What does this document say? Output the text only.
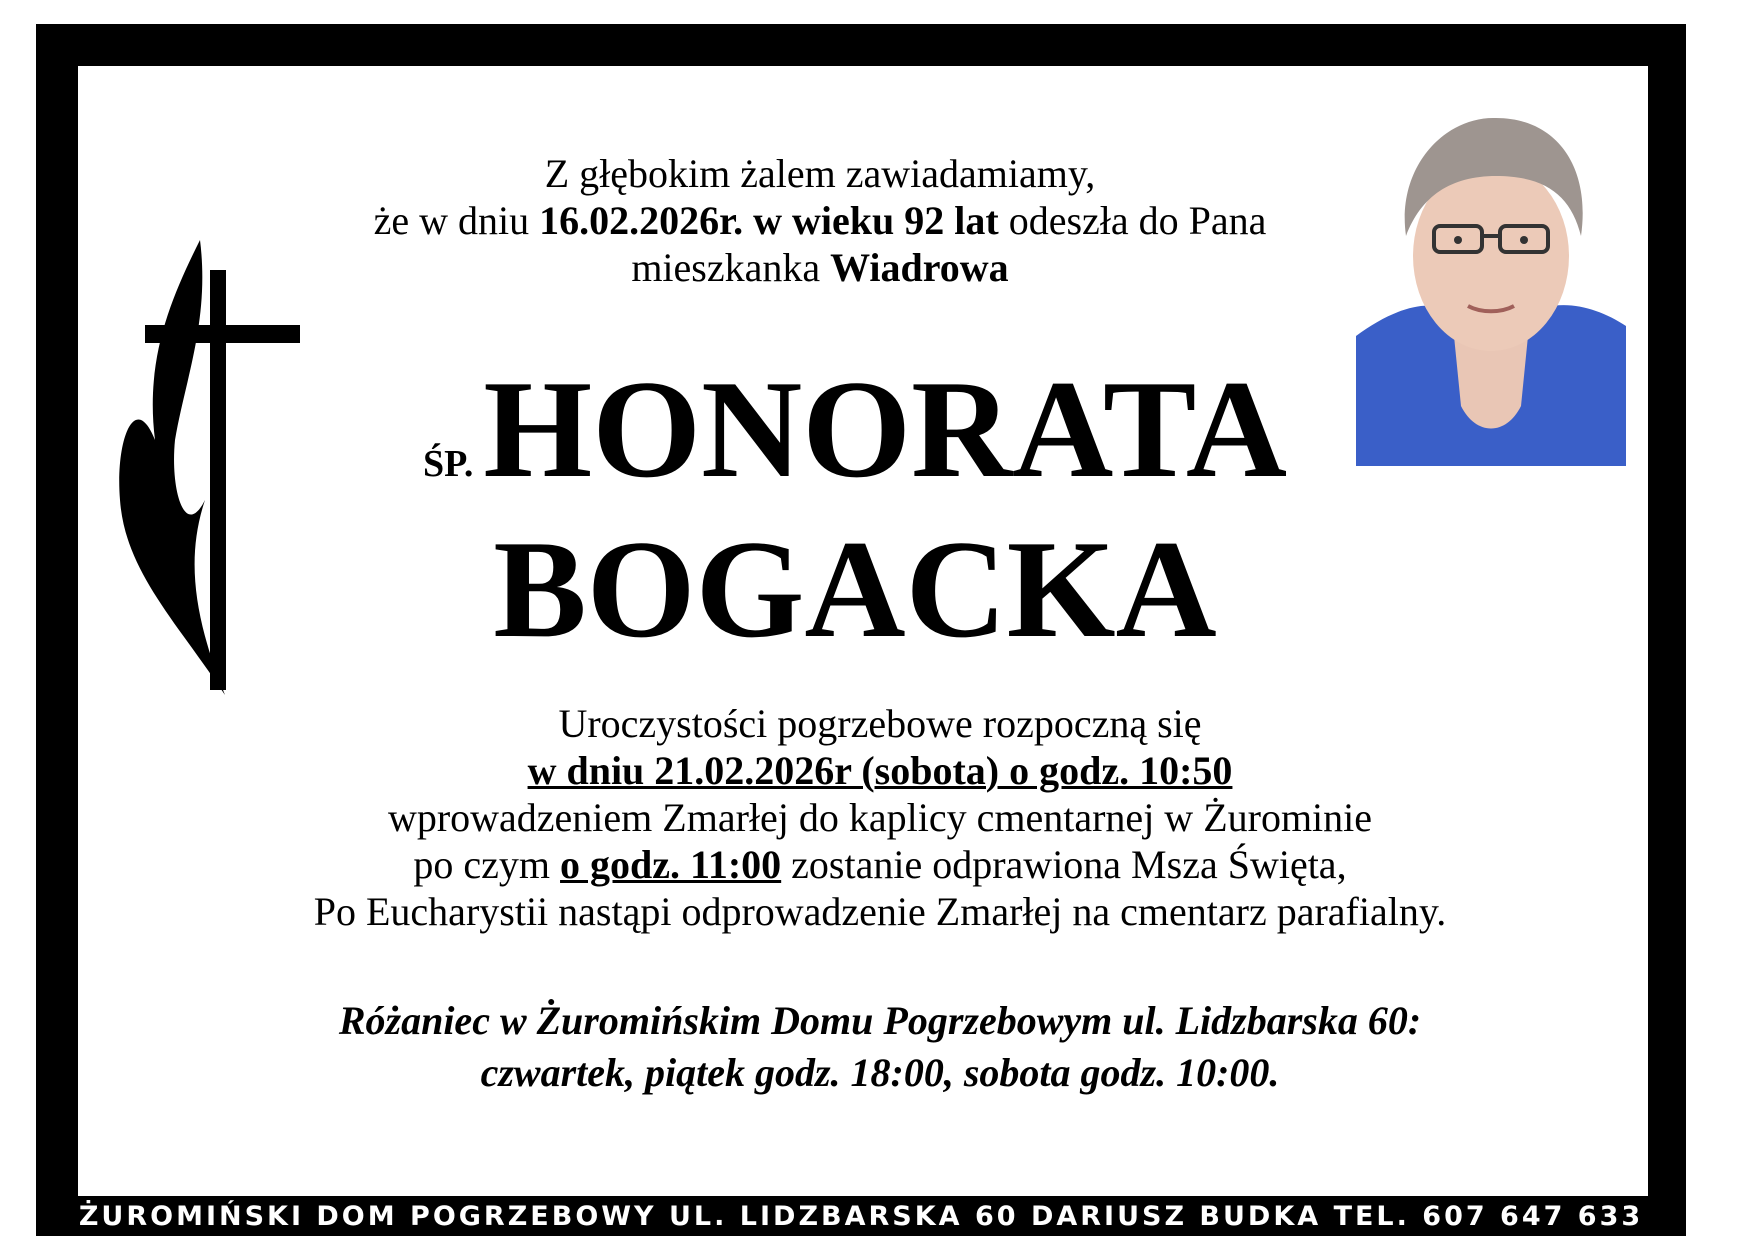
Z głębokim żalem zawiadamiamy,
że w dniu 16.02.2026r. w wieku 92 lat odeszła do Pana
mieszkanka Wiadrowa
ŚP.HONORATA
BOGACKA
Uroczystości pogrzebowe rozpoczną się
w dniu 21.02.2026r (sobota) o godz. 10:50
wprowadzeniem Zmarłej do kaplicy cmentarnej w Żurominie
po czym o godz. 11:00 zostanie odprawiona Msza Święta,
Po Eucharystii nastąpi odprowadzenie Zmarłej na cmentarz parafialny.
Różaniec w Żuromińskim Domu Pogrzebowym ul. Lidzbarska 60:
czwartek, piątek godz. 18:00, sobota godz. 10:00.
ŻUROMIŃSKI DOM POGRZEBOWY UL. LIDZBARSKA 60 DARIUSZ BUDKA TEL. 607 647 633
